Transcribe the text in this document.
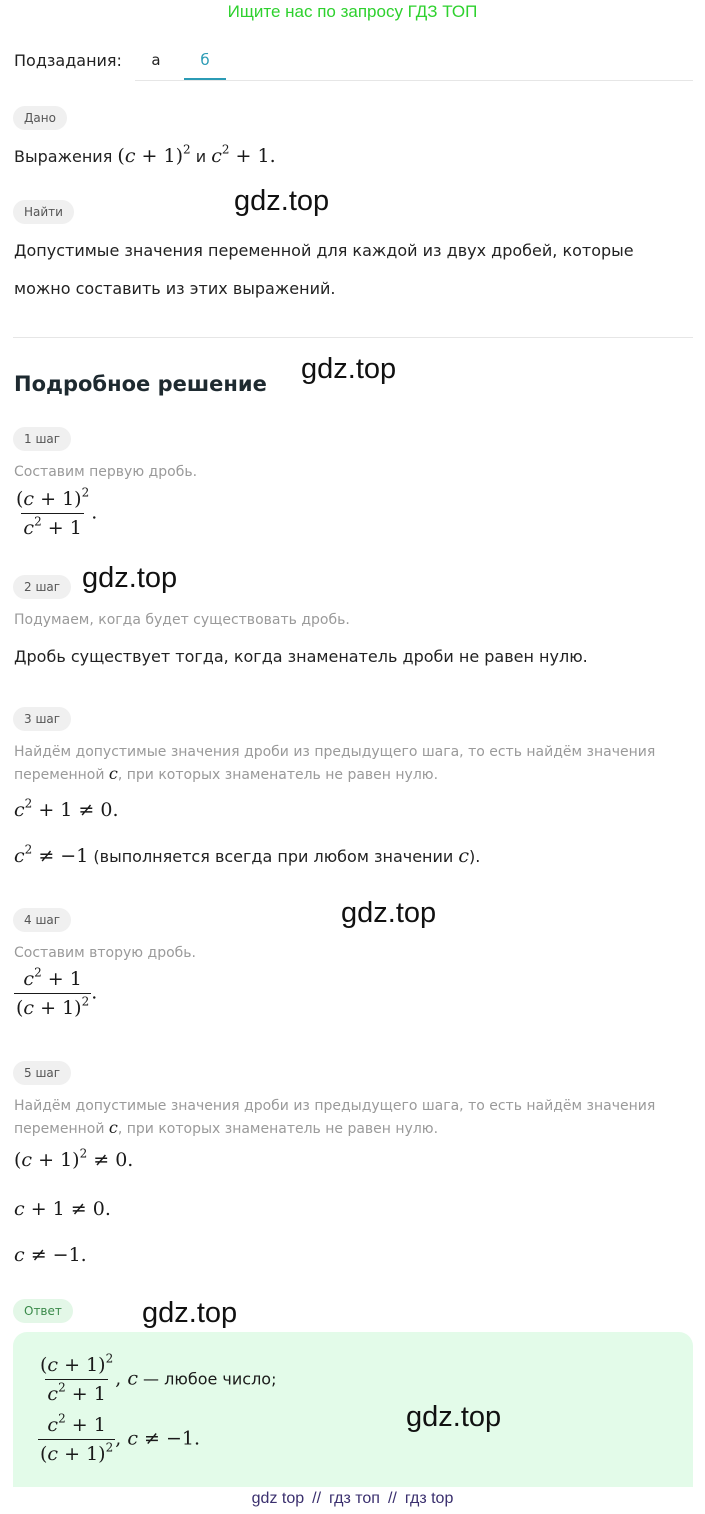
Ищите нас по запросу ГДЗ ТОП
Подзадания:	а	б
Дано
Выражения $(c + 1)^2$ и $c^2 + 1$.
Найти
Допустимые значения переменной для каждой из двух дробей, которые
можно составить из этих выражений.
Подробное решение
1 шаг
Составим первую дробь.
$\frac{(c + 1)^2}{c^2 + 1}$ .
2 шаг
Подумаем, когда будет существовать дробь.
Дробь существует тогда, когда знаменатель дроби не равен нулю.
3 шаг
Найдём допустимые значения дроби из предыдущего шага, то есть найдём значения
переменной c, при которых знаменатель не равен нулю.
$c^2 + 1 \ne 0$.
$c^2 \ne -1$ (выполняется всегда при любом значении c).
4 шаг
Составим вторую дробь.
$\frac{c^2 + 1}{(c + 1)^2}$ .
5 шаг
Найдём допустимые значения дроби из предыдущего шага, то есть найдём значения
переменной c, при которых знаменатель не равен нулю.
$(c + 1)^2 \ne 0$.
c + 1 ≠ 0.
c ≠ −1.
Ответ
$\frac{(c + 1)^2}{c^2 + 1}$ , c — любое число;
$\frac{c^2 + 1}{(c + 1)^2}$ , c ≠ −1.
gdz.top
gdz.top
gdz.top
gdz.top
gdz.top
gdz.top
gdz top // гдз топ // гдз top
